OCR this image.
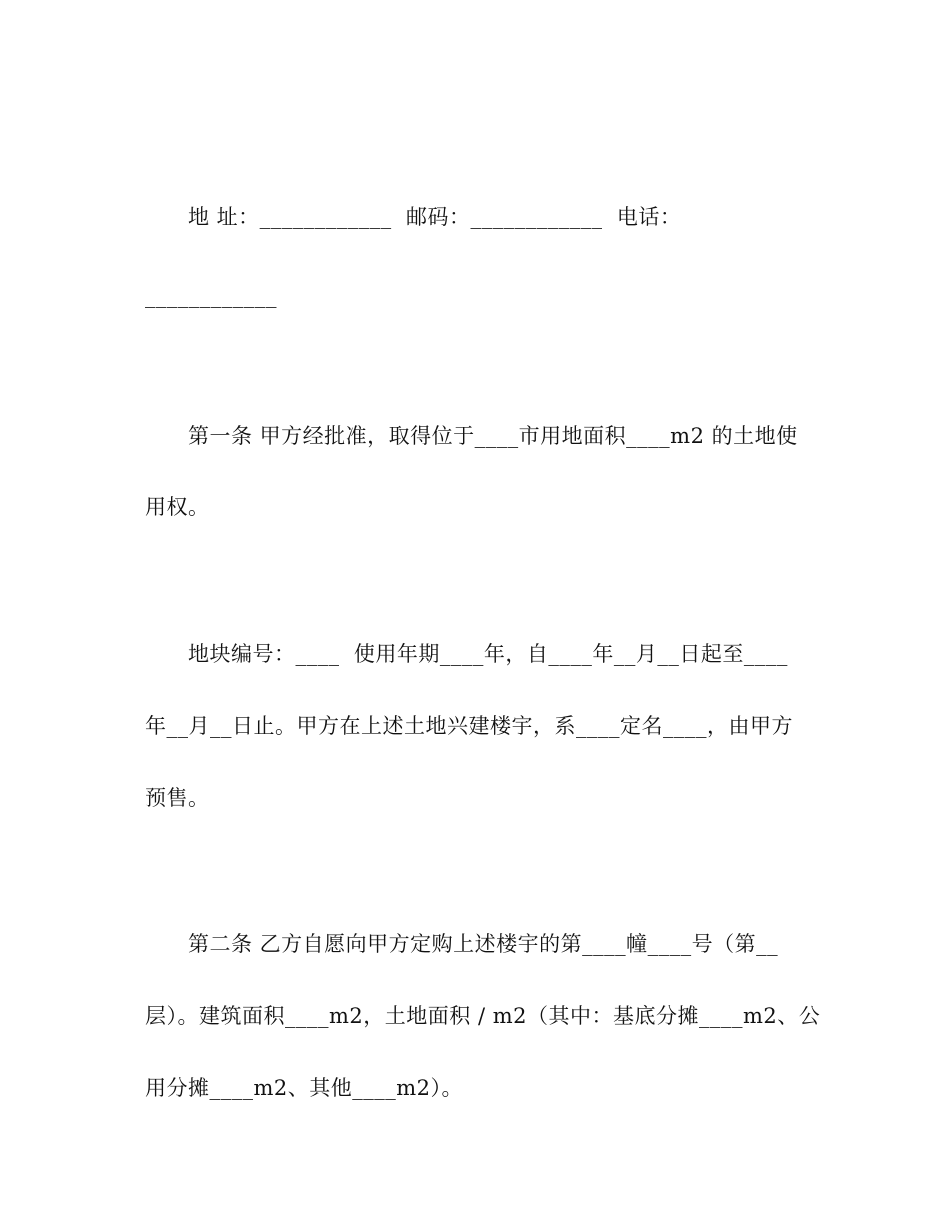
地 址：____________  邮码：____________  电话：
____________
第一条 甲方经批准，取得位于____市用地面积____m2 的土地使
用权。
地块编号：____  使用年期____年，自____年__月__日起至____
年__月__日止。甲方在上述土地兴建楼宇，系____定名____，由甲方
预售。
第二条 乙方自愿向甲方定购上述楼宇的第____幢____号（第__
层）。建筑面积____m2，土地面积 / m2（其中：基底分摊____m2、公
用分摊____m2、其他____m2）。
